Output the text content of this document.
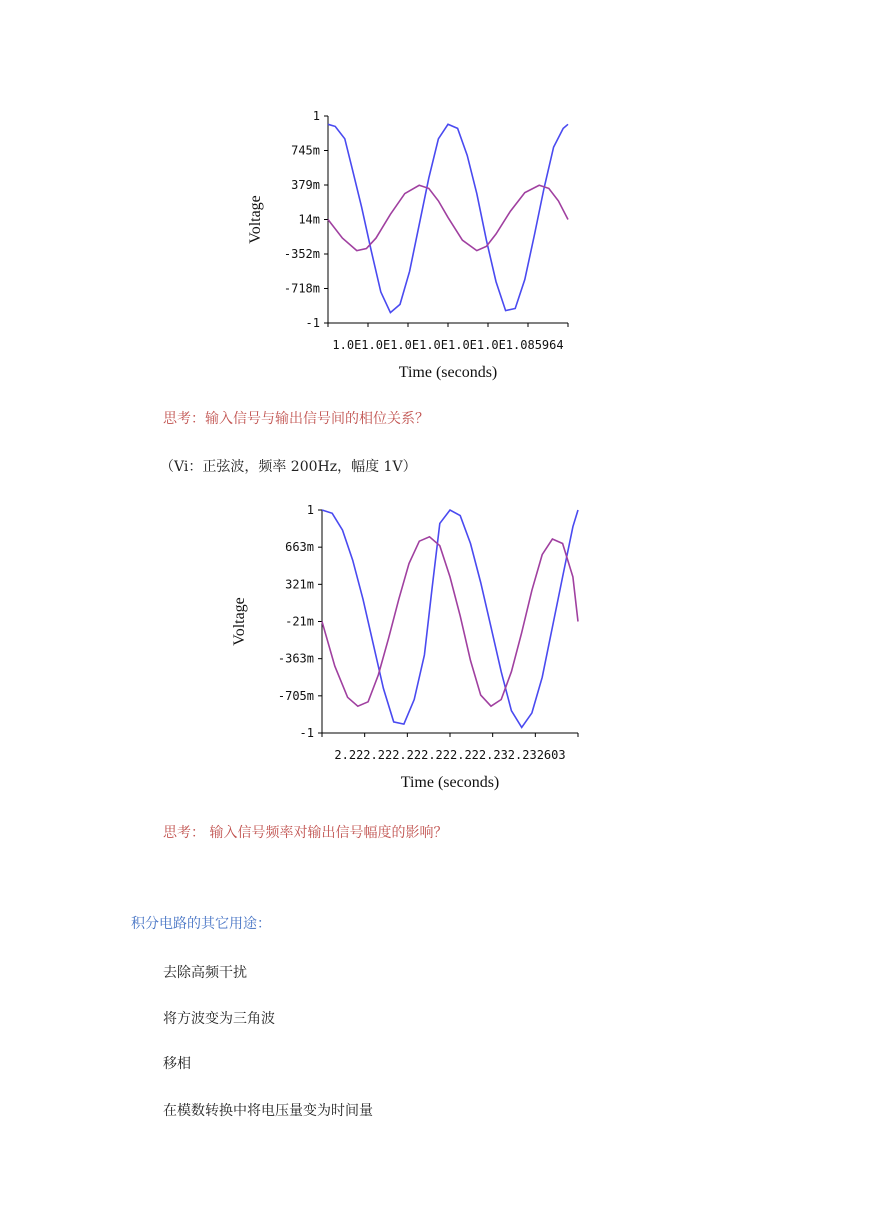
1
745m
379m
14m
-352m
-718m
-1
1.0E1.0E1.0E1.0E1.0E1.0E1.085964
Time (seconds)
Voltage
1
663m
321m
-21m
-363m
-705m
-1
2.222.222.222.222.222.232.232603
Time (seconds)
Voltage
思考：输入信号与输出信号间的相位关系？
（Vi：正弦波，频率 200Hz，幅度 1V）
思考： 输入信号频率对输出信号幅度的影响？
积分电路的其它用途：
去除高频干扰
将方波变为三角波
移相
在模数转换中将电压量变为时间量
